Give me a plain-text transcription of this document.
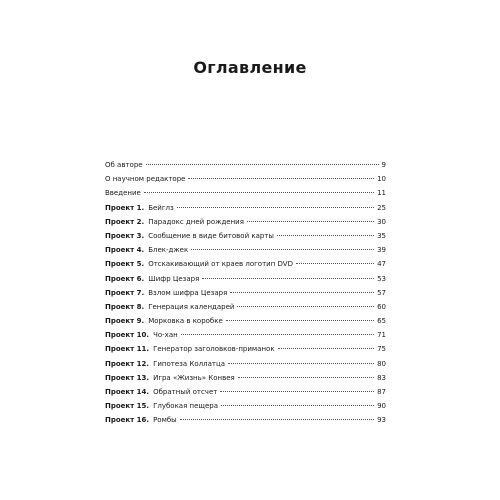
Оглавление
Об авторе	9
О научном редакторе	10
Введение	11
Проект 1. Бейглз	25
Проект 2. Парадокс дней рождения	30
Проект 3. Сообщение в виде битовой карты	35
Проект 4. Блек-джек	39
Проект 5. Отскакивающий от краев логотип DVD	47
Проект 6. Шифр Цезаря	53
Проект 7. Взлом шифра Цезаря	57
Проект 8. Генерация календарей	60
Проект 9. Морковка в коробке	65
Проект 10. Чо-хан	71
Проект 11. Генератор заголовков-приманок	75
Проект 12. Гипотеза Коллатца	80
Проект 13. Игра «Жизнь» Конвея	83
Проект 14. Обратный отсчет	87
Проект 15. Глубокая пещера	90
Проект 16. Ромбы	93
